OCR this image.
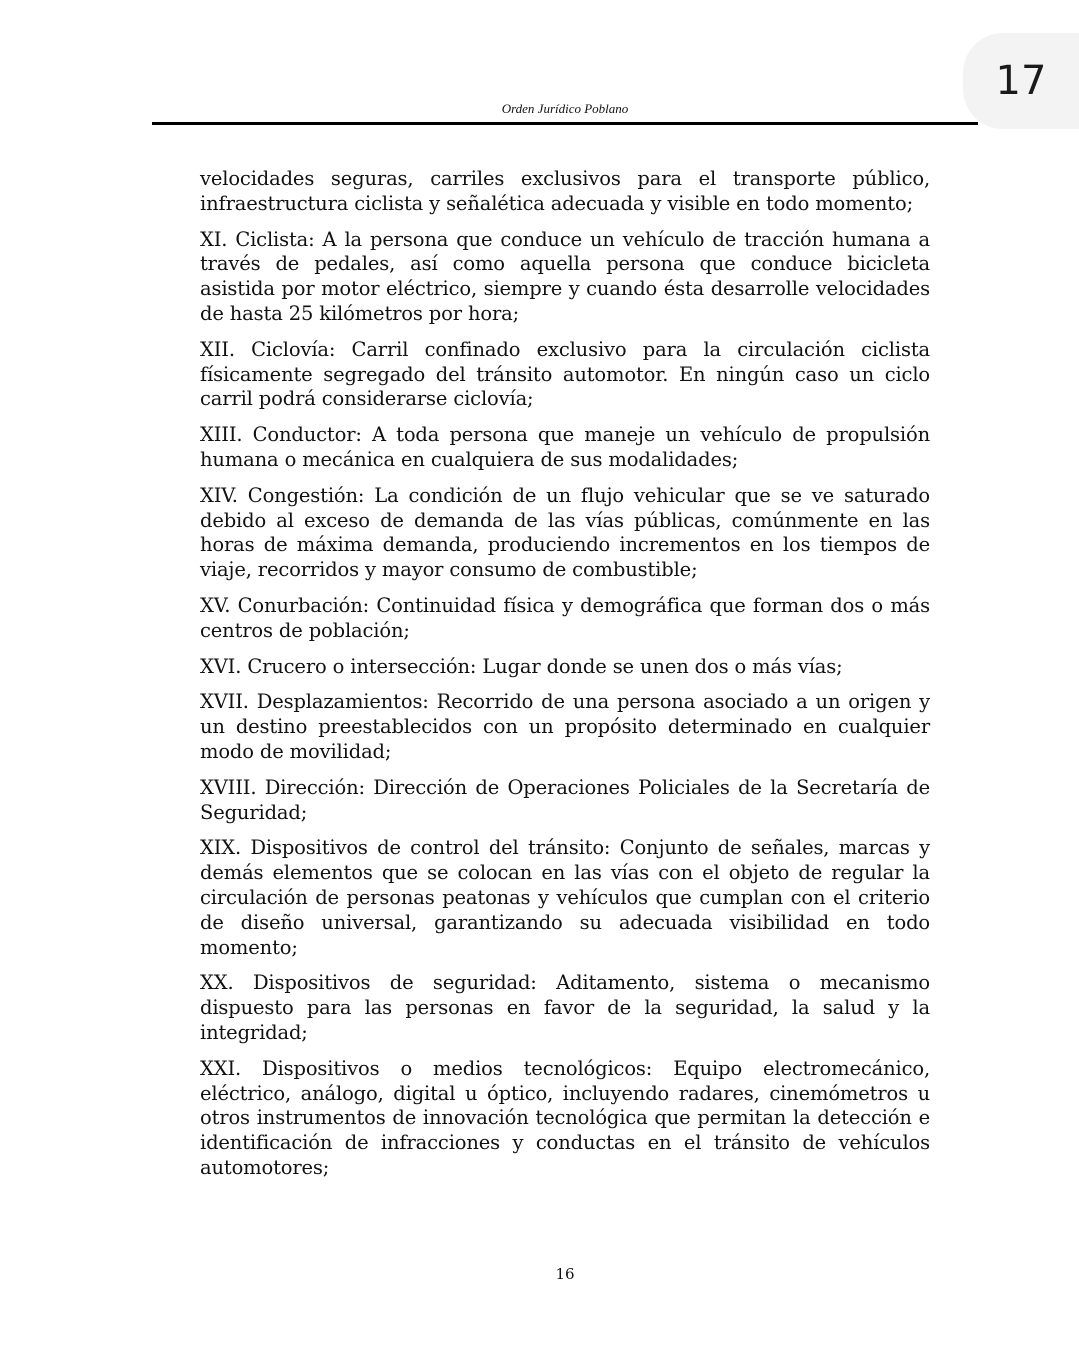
17
Orden Jurídico Poblano

velocidades seguras, carriles exclusivos para el transporte público, infraestructura ciclista y señalética adecuada y visible en todo momento;

XI. Ciclista: A la persona que conduce un vehículo de tracción humana a través de pedales, así como aquella persona que conduce bicicleta asistida por motor eléctrico, siempre y cuando ésta desarrolle velocidades de hasta 25 kilómetros por hora;

XII. Ciclovía: Carril confinado exclusivo para la circulación ciclista físicamente segregado del tránsito automotor. En ningún caso un ciclo carril podrá considerarse ciclovía;

XIII. Conductor: A toda persona que maneje un vehículo de propulsión humana o mecánica en cualquiera de sus modalidades;

XIV. Congestión: La condición de un flujo vehicular que se ve saturado debido al exceso de demanda de las vías públicas, comúnmente en las horas de máxima demanda, produciendo incrementos en los tiempos de viaje, recorridos y mayor consumo de combustible;

XV. Conurbación: Continuidad física y demográfica que forman dos o más centros de población;

XVI. Crucero o intersección: Lugar donde se unen dos o más vías;

XVII. Desplazamientos: Recorrido de una persona asociado a un origen y un destino preestablecidos con un propósito determinado en cualquier modo de movilidad;

XVIII. Dirección: Dirección de Operaciones Policiales de la Secretaría de Seguridad;

XIX. Dispositivos de control del tránsito: Conjunto de señales, marcas y demás elementos que se colocan en las vías con el objeto de regular la circulación de personas peatonas y vehículos que cumplan con el criterio de diseño universal, garantizando su adecuada visibilidad en todo momento;

XX. Dispositivos de seguridad: Aditamento, sistema o mecanismo dispuesto para las personas en favor de la seguridad, la salud y la integridad;

XXI. Dispositivos o medios tecnológicos: Equipo electromecánico, eléctrico, análogo, digital u óptico, incluyendo radares, cinemómetros u otros instrumentos de innovación tecnológica que permitan la detección e identificación de infracciones y conductas en el tránsito de vehículos automotores;

16
